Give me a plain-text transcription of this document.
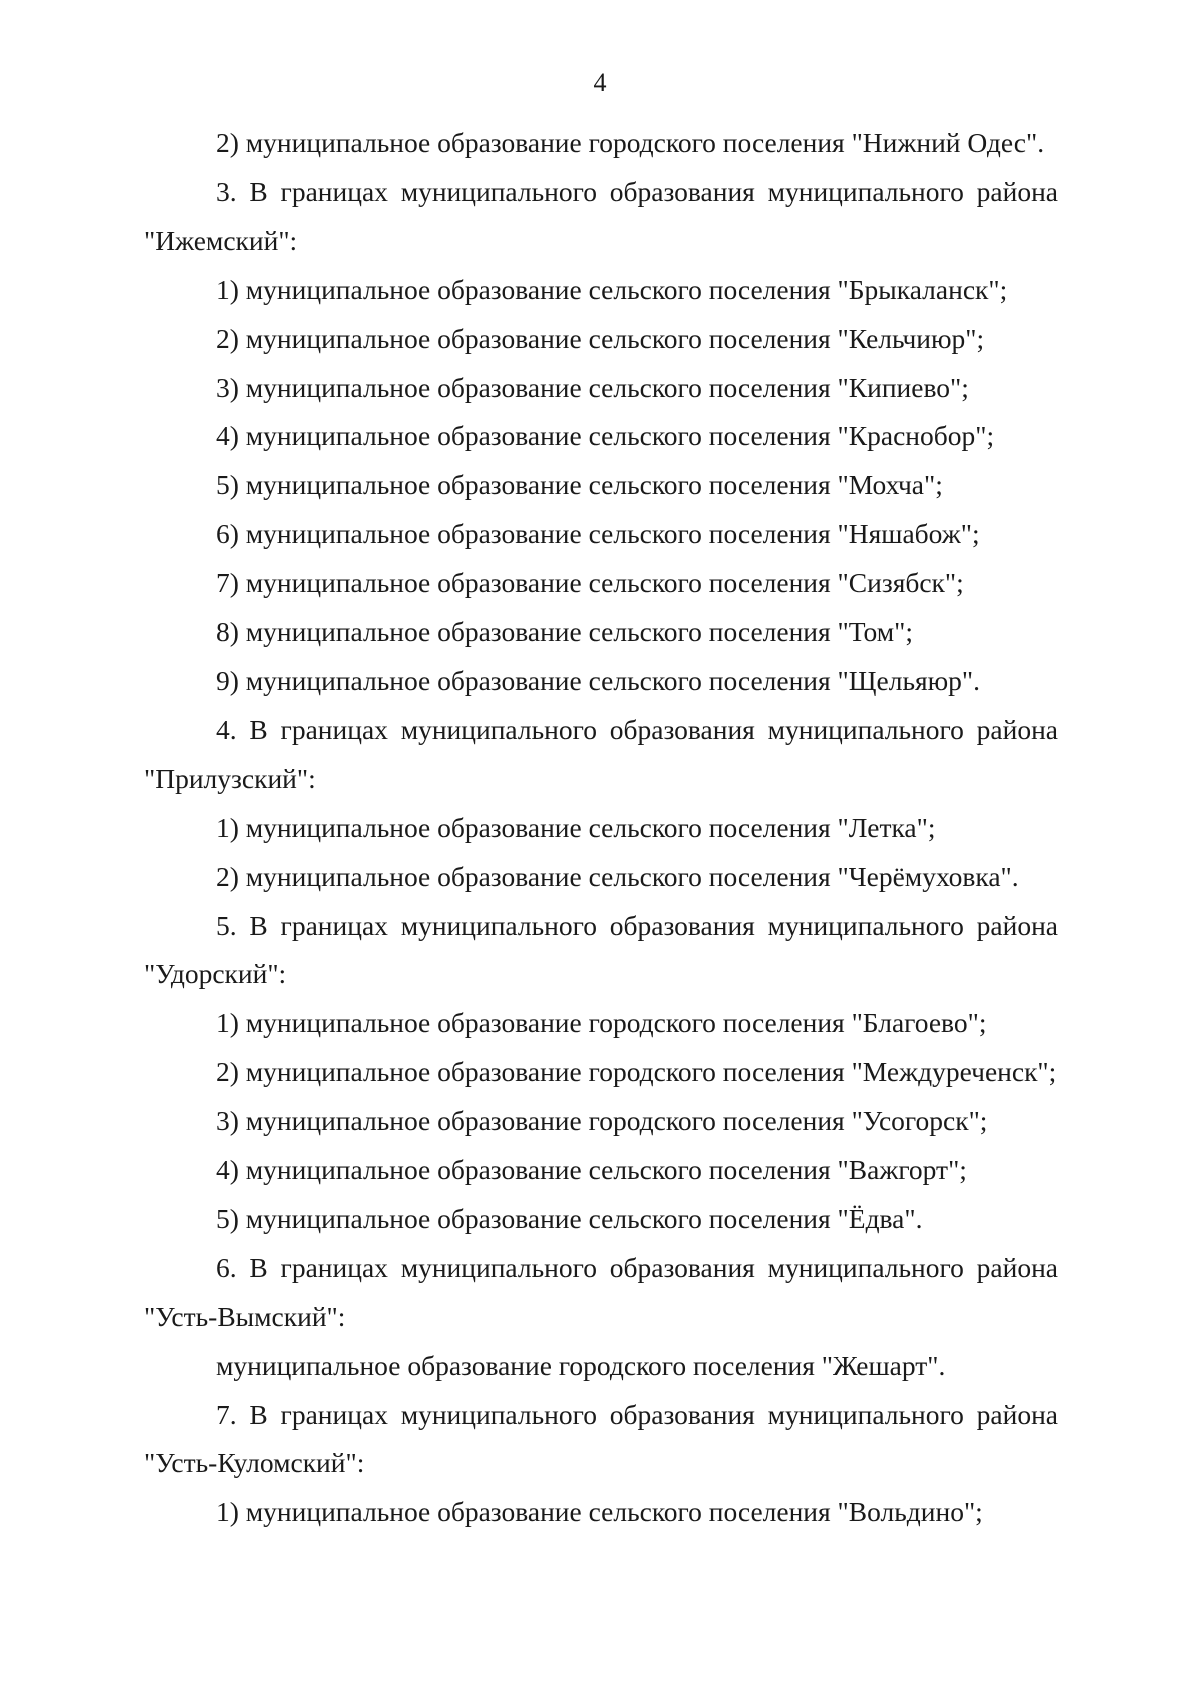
4

2) муниципальное образование городского поселения "Нижний Одес".

3. В границах муниципального образования муниципального района "Ижемский":

1) муниципальное образование сельского поселения "Брыкаланск";

2) муниципальное образование сельского поселения "Кельчиюр";

3) муниципальное образование сельского поселения "Кипиево";

4) муниципальное образование сельского поселения "Краснобор";

5) муниципальное образование сельского поселения "Мохча";

6) муниципальное образование сельского поселения "Няшабож";

7) муниципальное образование сельского поселения "Сизябск";

8) муниципальное образование сельского поселения "Том";

9) муниципальное образование сельского поселения "Щельяюр".

4. В границах муниципального образования муниципального района "Прилузский":

1) муниципальное образование сельского поселения "Летка";

2) муниципальное образование сельского поселения "Черёмуховка".

5. В границах муниципального образования муниципального района "Удорский":

1) муниципальное образование городского поселения "Благоево";

2) муниципальное образование городского поселения "Междуреченск";

3) муниципальное образование городского поселения "Усогорск";

4) муниципальное образование сельского поселения "Важгорт";

5) муниципальное образование сельского поселения "Ёдва".

6. В границах муниципального образования муниципального района "Усть-Вымский":

муниципальное образование городского поселения "Жешарт".

7. В границах муниципального образования муниципального района "Усть-Куломский":

1) муниципальное образование сельского поселения "Вольдино";
